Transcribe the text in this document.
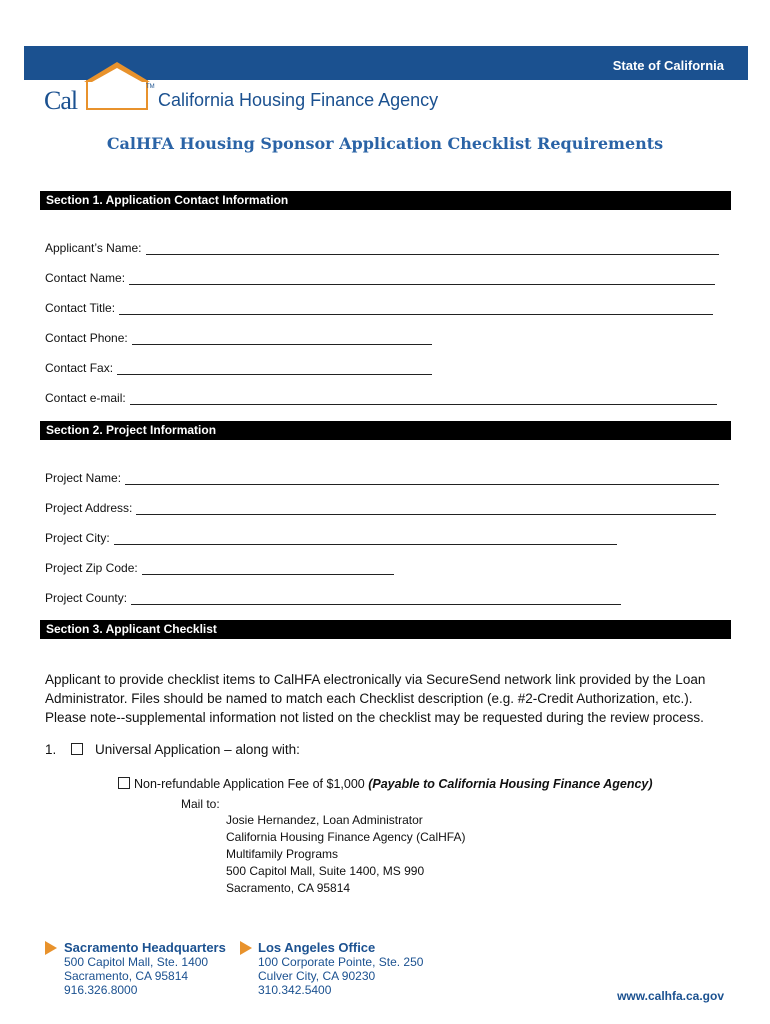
State of California
Cal	TM
California Housing Finance Agency
CalHFA Housing Sponsor Application Checklist Requirements
Section 1. Application Contact Information
Applicant’s Name:
Contact Name:
Contact Title:
Contact Phone:
Contact Fax:
Contact e-mail:
Section 2. Project Information
Project Name:
Project Address:
Project City:
Project Zip Code:
Project County:
Section 3. Applicant Checklist
Applicant to provide checklist items to CalHFA electronically via SecureSend network link provided by the Loan Administrator. Files should be named to match each Checklist description (e.g. #2-Credit Authorization, etc.). Please note--supplemental information not listed on the checklist may be requested during the review process.
1.	Universal Application – along with:
Non-refundable Application Fee of $1,000 (Payable to California Housing Finance Agency)
Mail to:
Josie Hernandez, Loan Administrator
California Housing Finance Agency (CalHFA)
Multifamily Programs
500 Capitol Mall, Suite 1400, MS 990
Sacramento, CA 95814
Sacramento Headquarters
500 Capitol Mall, Ste. 1400
Sacramento, CA 95814
916.326.8000
Los Angeles Office
100 Corporate Pointe, Ste. 250
Culver City, CA 90230
310.342.5400	www.calhfa.ca.gov
